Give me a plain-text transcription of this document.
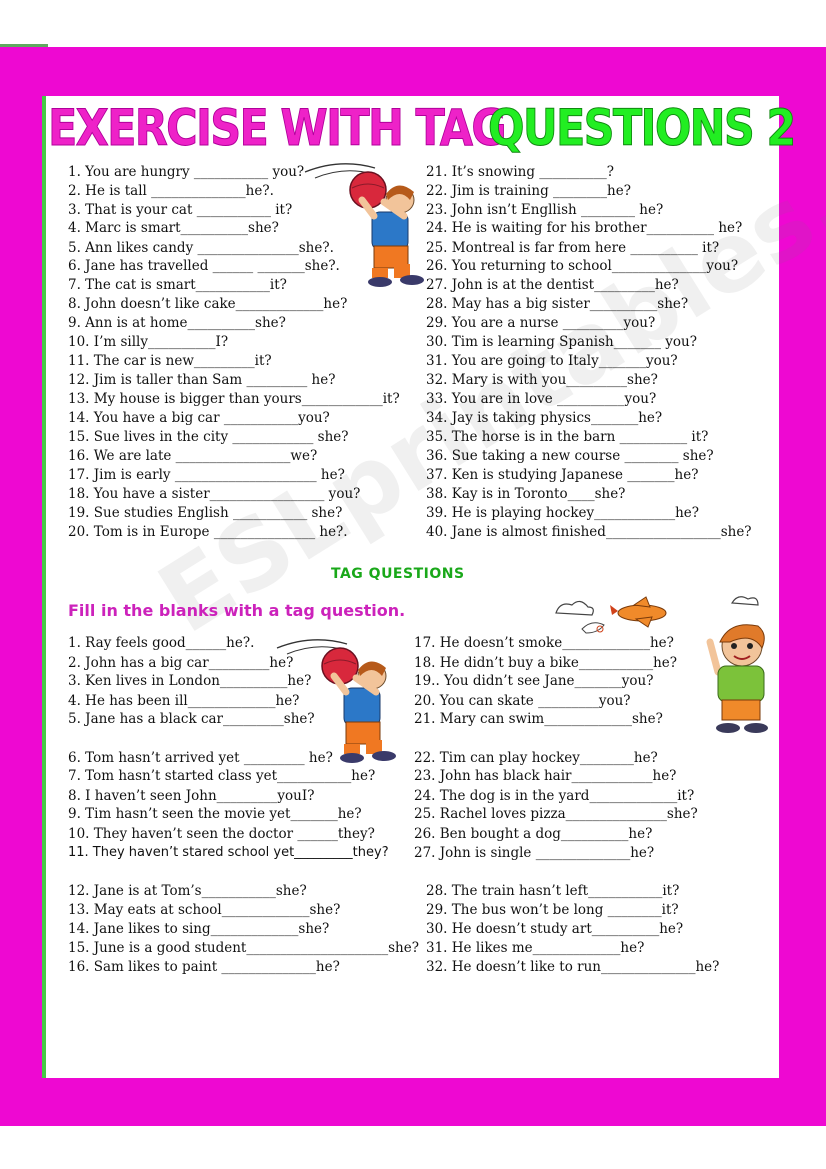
EXERCISE WITH TAG
QUESTIONS 2
1. You are hungry ___________ you?
2. He is tall ______________he?.
3. That is your cat ___________ it?
4. Marc is smart__________she?
5. Ann likes candy _______________she?.
6. Jane has travelled ______ _______she?.
7. The cat is smart___________it?
8. John doesn’t like cake_____________he?
9. Ann is at home__________she?
10. I’m silly__________I?
11. The car is new_________it?
12. Jim is taller than Sam _________ he?
13. My house is bigger than yours____________it?
14. You have a big car ___________you?
15. Sue lives in the city ____________ she?
16. We are late _________________we?
17. Jim is early _____________________ he?
18. You have a sister_________________ you?
19. Sue studies English ___________ she?
20. Tom is in Europe _______________ he?.
21. It’s snowing __________?
22. Jim is training ________he?
23. John isn’t Engllish ________ he?
24. He is waiting for his brother__________ he?
25. Montreal is far from here __________ it?
26. You returning to school______________you?
27. John is at the dentist_________he?
28. May has a big sister__________she?
29. You are a nurse _________you?
30. Tim is learning Spanish_______ you?
31. You are going to Italy_______you?
32. Mary is with you_________she?
33. You are in love __________you?
34. Jay is taking physics_______he?
35. The horse is in the barn __________ it?
36. Sue taking a new course ________ she?
37. Ken is studying Japanese _______he?
38. Kay is in Toronto____she?
39. He is playing hockey____________he?
40. Jane is almost finished_________________she?
TAG QUESTIONS
Fill in the blanks with a tag question.
1. Ray feels good______he?.
2. John has a big car_________he?
3. Ken lives in London__________he?
4. He has been ill_____________he?
5. Jane has a black car_________she?
6. Tom hasn’t arrived yet _________ he?
7. Tom hasn’t started class yet___________he?
8. I haven’t seen John_________youI?
9. Tim hasn’t seen the movie yet_______he?
10. They haven’t seen the doctor ______they?
11. They haven’t stared school yet_________they?
12. Jane is at Tom’s___________she?
13. May eats at school_____________she?
14. Jane likes to sing_____________she?
15. June is a good student_____________________she?
16. Sam likes to paint ______________he?
17. He doesn’t smoke_____________he?
18. He didn’t buy a bike___________he?
19.. You didn’t see Jane_______you?
20. You can skate _________you?
21. Mary can swim_____________she?
22. Tim can play hockey________he?
23. John has black hair____________he?
24. The dog is in the yard_____________it?
25. Rachel loves pizza_______________she?
26. Ben bought a dog__________he?
27. John is single ______________he?
28. The train hasn’t left___________it?
29. The bus won’t be long ________it?
30. He doesn’t study art__________he?
31. He likes me_____________he?
32. He doesn’t like to run______________he?
